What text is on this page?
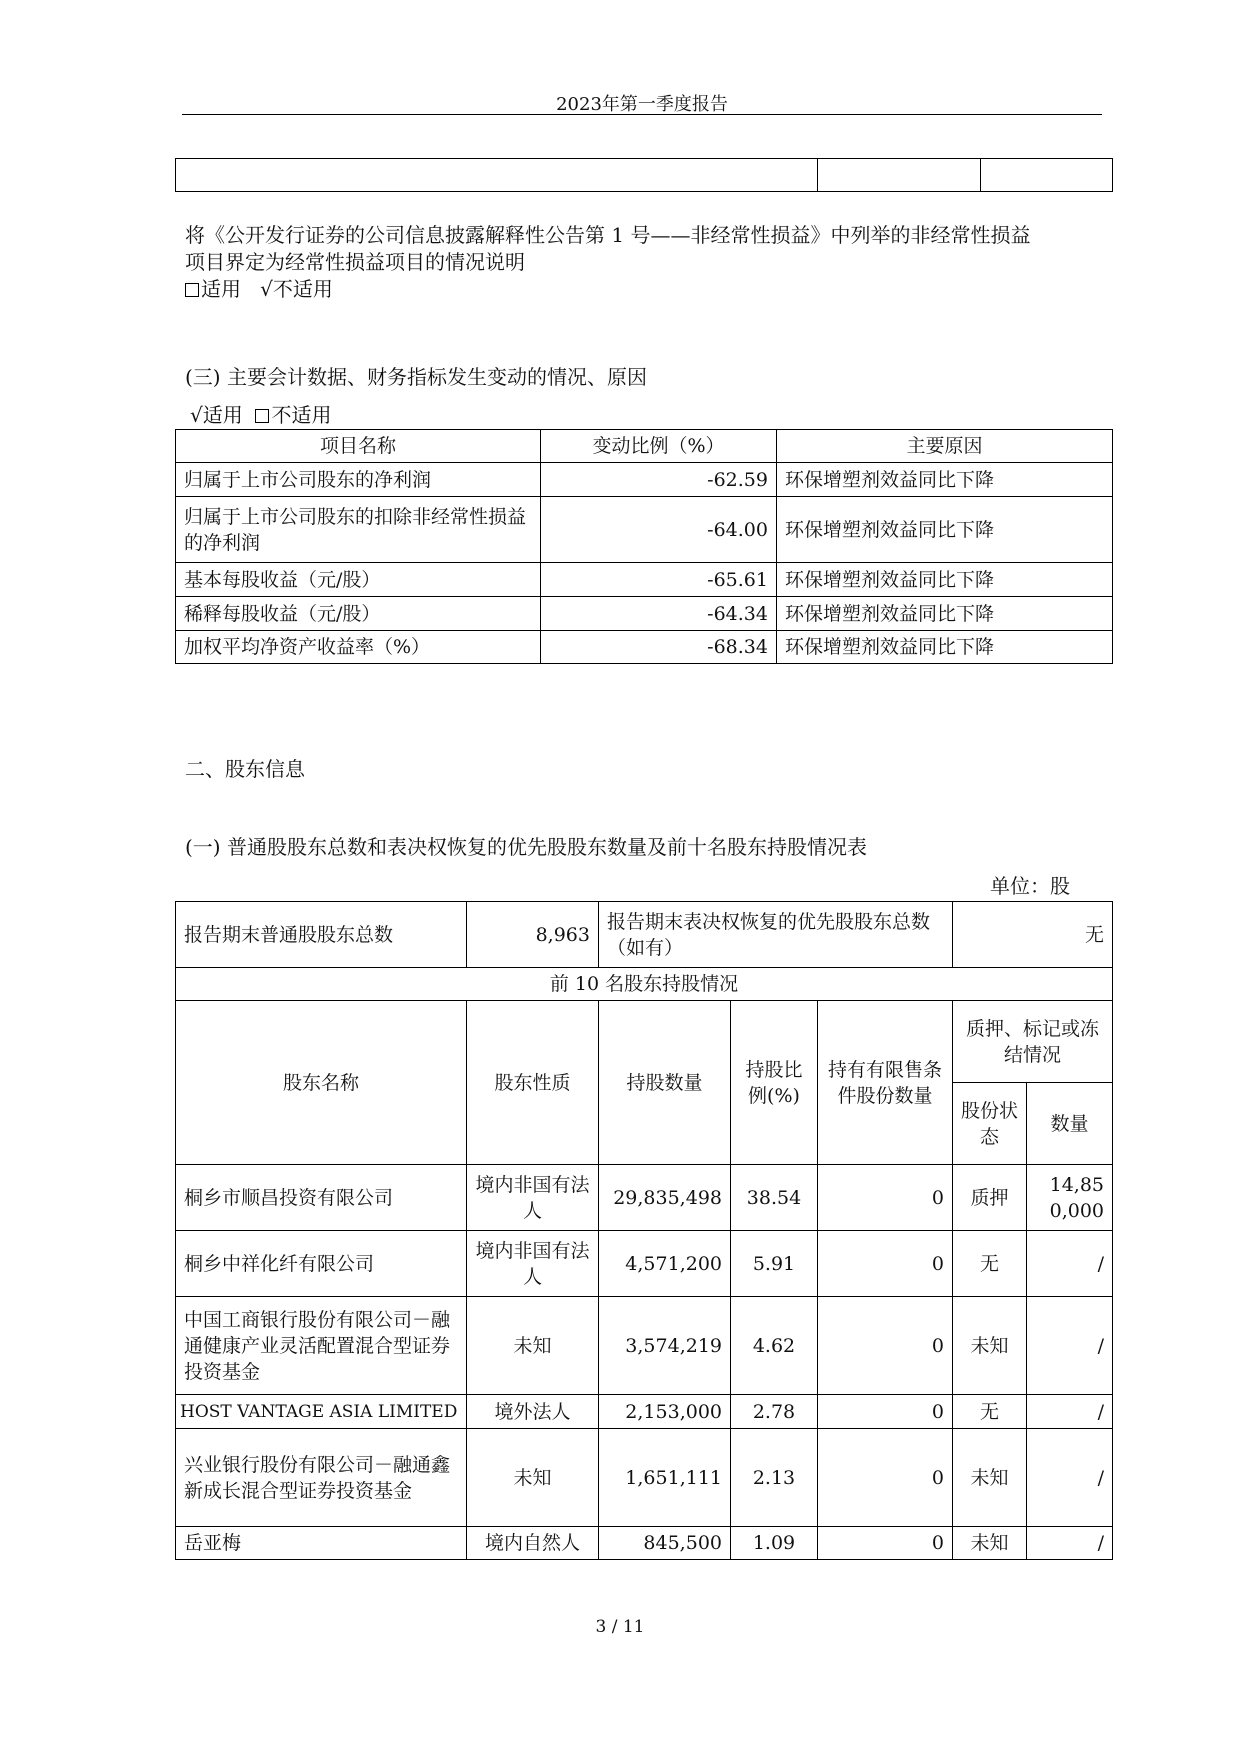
2023年第一季度报告

将《公开发行证券的公司信息披露解释性公告第 1 号——非经常性损益》中列举的非经常性损益
项目界定为经常性损益项目的情况说明
适用 √不适用
(三) 主要会计数据、财务指标发生变动的情况、原因
√适用 不适用
项目名称	变动比例（%）	主要原因
归属于上市公司股东的净利润	-62.59	环保增塑剂效益同比下降
归属于上市公司股东的扣除非经常性损益的净利润	-64.00	环保增塑剂效益同比下降
基本每股收益（元/股）	-65.61	环保增塑剂效益同比下降
稀释每股收益（元/股）	-64.34	环保增塑剂效益同比下降
加权平均净资产收益率（%）	-68.34	环保增塑剂效益同比下降
二、股东信息
(一) 普通股股东总数和表决权恢复的优先股股东数量及前十名股东持股情况表
单位：股
报告期末普通股股东总数	8,963	报告期末表决权恢复的优先股股东总数（如有）			无	
前 10 名股东持股情况						
股东名称	股东性质	持股数量	持股比例(%)	持有有限售条件股份数量	质押、标记或冻结情况	
					股份状态	数量
桐乡市顺昌投资有限公司	境内非国有法人	29,835,498	38.54	0	质押	14,850,000
桐乡中祥化纤有限公司	境内非国有法人	4,571,200	5.91	0	无	/
中国工商银行股份有限公司－融通健康产业灵活配置混合型证券投资基金	未知	3,574,219	4.62	0	未知	/
HOST VANTAGE ASIA LIMITED	境外法人	2,153,000	2.78	0	无	/
兴业银行股份有限公司－融通鑫新成长混合型证券投资基金	未知	1,651,111	2.13	0	未知	/
岳亚梅	境内自然人	845,500	1.09	0	未知	/
3 / 11
